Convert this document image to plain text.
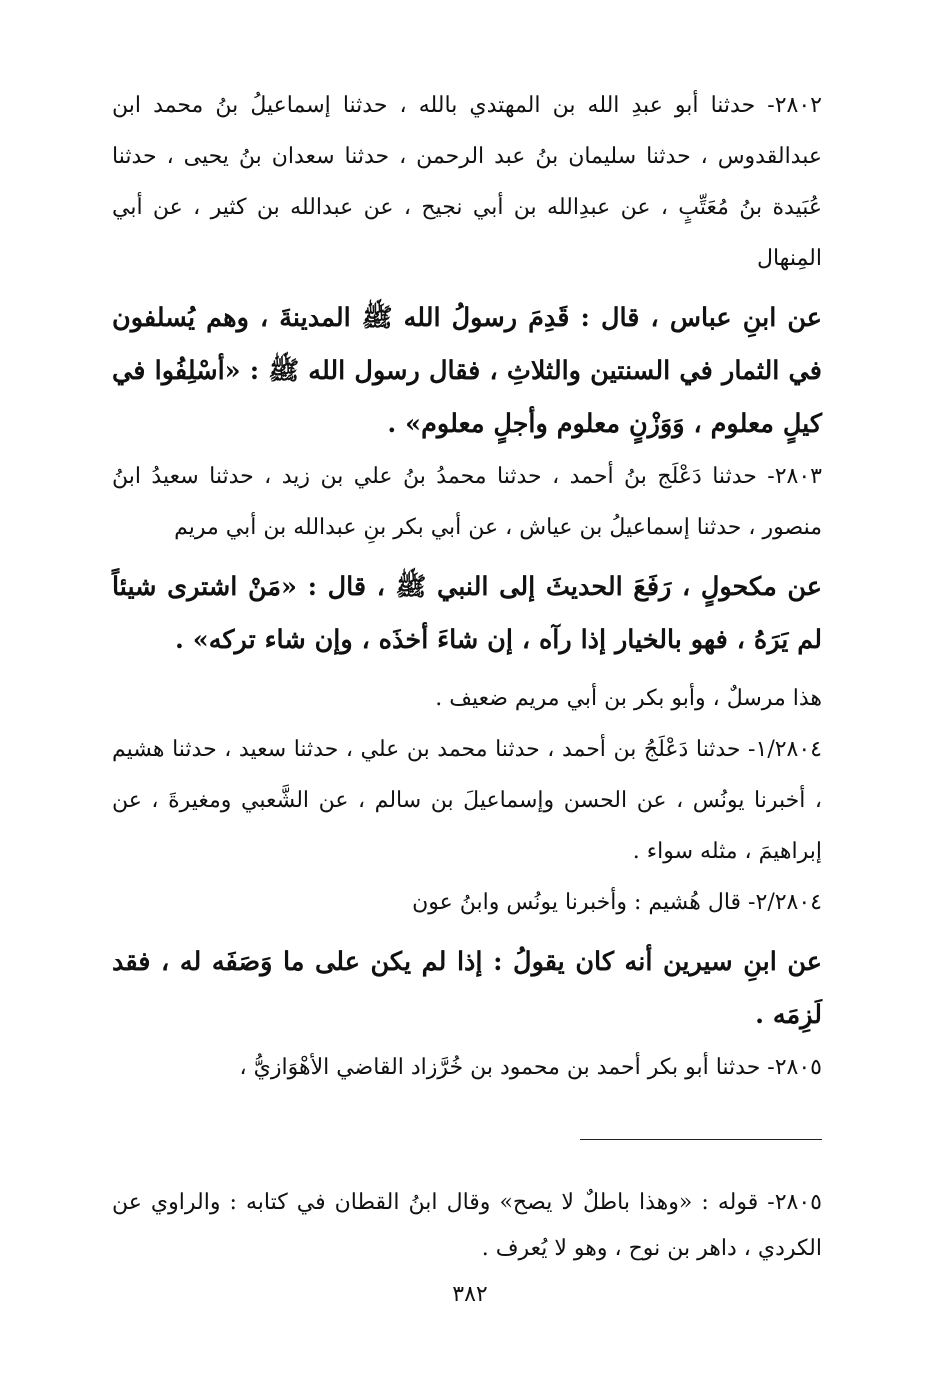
٢٨٠٢- حدثنا أبو عبدِ الله بن المهتدي بالله ، حدثنا إسماعيلُ بنُ محمد ابن عبدالقدوس ، حدثنا سليمان بنُ عبد الرحمن ، حدثنا سعدان بنُ يحيى ، حدثنا عُبَيدة بنُ مُعَتِّبٍ ، عن عبدِالله بن أبي نجيح ، عن عبدالله بن كثير ، عن أبي المِنهال

عن ابنِ عباس ، قال : قَدِمَ رسولُ الله ﷺ المدينةَ ، وهم يُسلفون في الثمار في السنتين والثلاثِ ، فقال رسول الله ﷺ : «أسْلِفُوا في كيلٍ معلوم ، وَوَزْنٍ معلوم وأجلٍ معلوم» .

٢٨٠٣- حدثنا دَعْلَج بنُ أحمد ، حدثنا محمدُ بنُ علي بن زيد ، حدثنا سعيدُ ابنُ منصور ، حدثنا إسماعيلُ بن عياش ، عن أبي بكر بنِ عبدالله بن أبي مريم

عن مكحولٍ ، رَفَعَ الحديثَ إلى النبي ﷺ ، قال : «مَنْ اشترى شيئاً لم يَرَهُ ، فهو بالخيار إذا رآه ، إن شاءَ أخذَه ، وإن شاء تركه» .

هذا مرسلٌ ، وأبو بكر بن أبي مريم ضعيف .

١/٢٨٠٤- حدثنا دَعْلَجُ بن أحمد ، حدثنا محمد بن علي ، حدثنا سعيد ، حدثنا هشيم ، أخبرنا يونُس ، عن الحسن وإسماعيلَ بن سالم ، عن الشَّعبي ومغيرةَ ، عن إبراهيمَ ، مثله سواء .

٢/٢٨٠٤- قال هُشيم : وأخبرنا يونُس وابنُ عون

عن ابنِ سيرين أنه كان يقولُ : إذا لم يكن على ما وَصَفَه له ، فقد لَزِمَه .

٢٨٠٥- حدثنا أبو بكر أحمد بن محمود بن خُرَّزاد القاضي الأهْوَازيُّ ،

٢٨٠٥- قوله : «وهذا باطلٌ لا يصح» وقال ابنُ القطان في كتابه : والراوي عن الكردي ، داهر بن نوح ، وهو لا يُعرف .

٣٨٢
